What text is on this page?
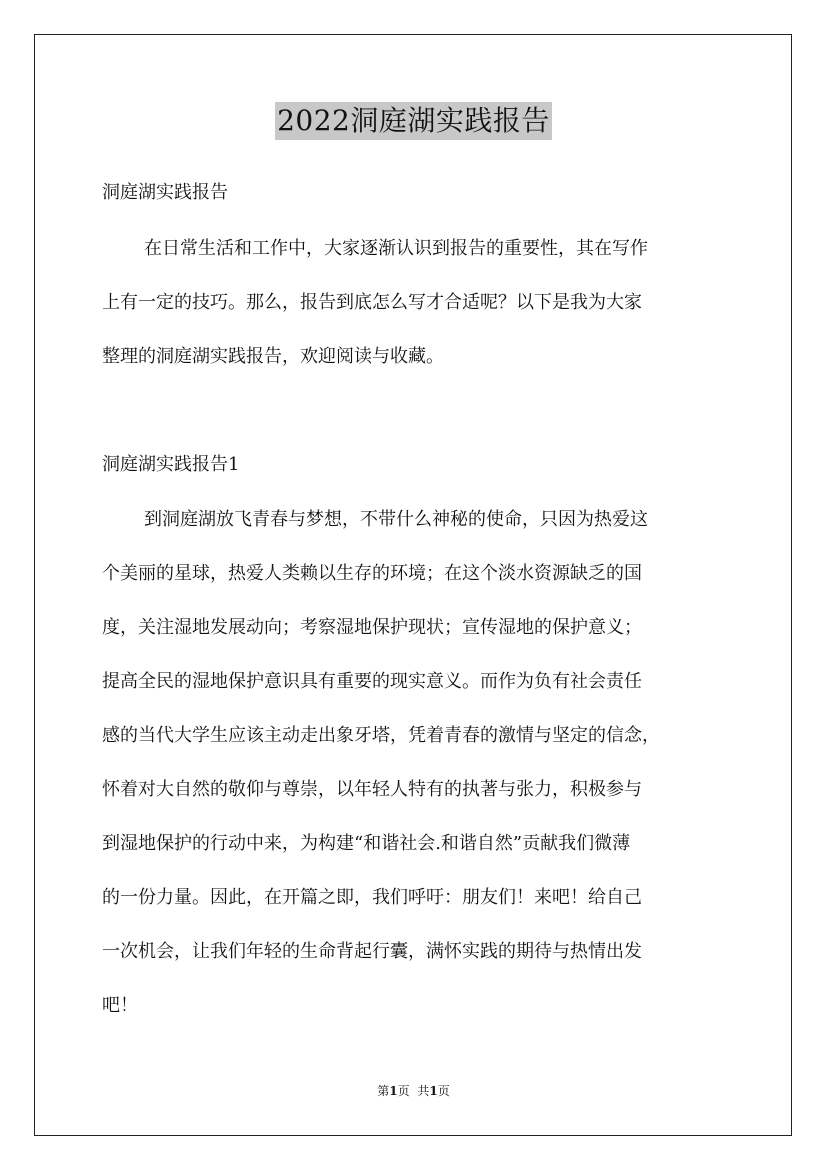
2022洞庭湖实践报告
洞庭湖实践报告
在日常生活和工作中，大家逐渐认识到报告的重要性，其在写作
上有一定的技巧。那么，报告到底怎么写才合适呢？以下是我为大家
整理的洞庭湖实践报告，欢迎阅读与收藏。
洞庭湖实践报告1
到洞庭湖放飞青春与梦想，不带什么神秘的使命，只因为热爱这
个美丽的星球，热爱人类赖以生存的环境；在这个淡水资源缺乏的国
度，关注湿地发展动向；考察湿地保护现状；宣传湿地的保护意义；
提高全民的湿地保护意识具有重要的现实意义。而作为负有社会责任
感的当代大学生应该主动走出象牙塔，凭着青春的激情与坚定的信念，
怀着对大自然的敬仰与尊崇，以年轻人特有的执著与张力，积极参与
到湿地保护的行动中来，为构建“和谐社会.和谐自然”贡献我们微薄
的一份力量。因此，在开篇之即，我们呼吁：朋友们！来吧！给自己
一次机会，让我们年轻的生命背起行囊，满怀实践的期待与热情出发
吧！
第1页 共1页
